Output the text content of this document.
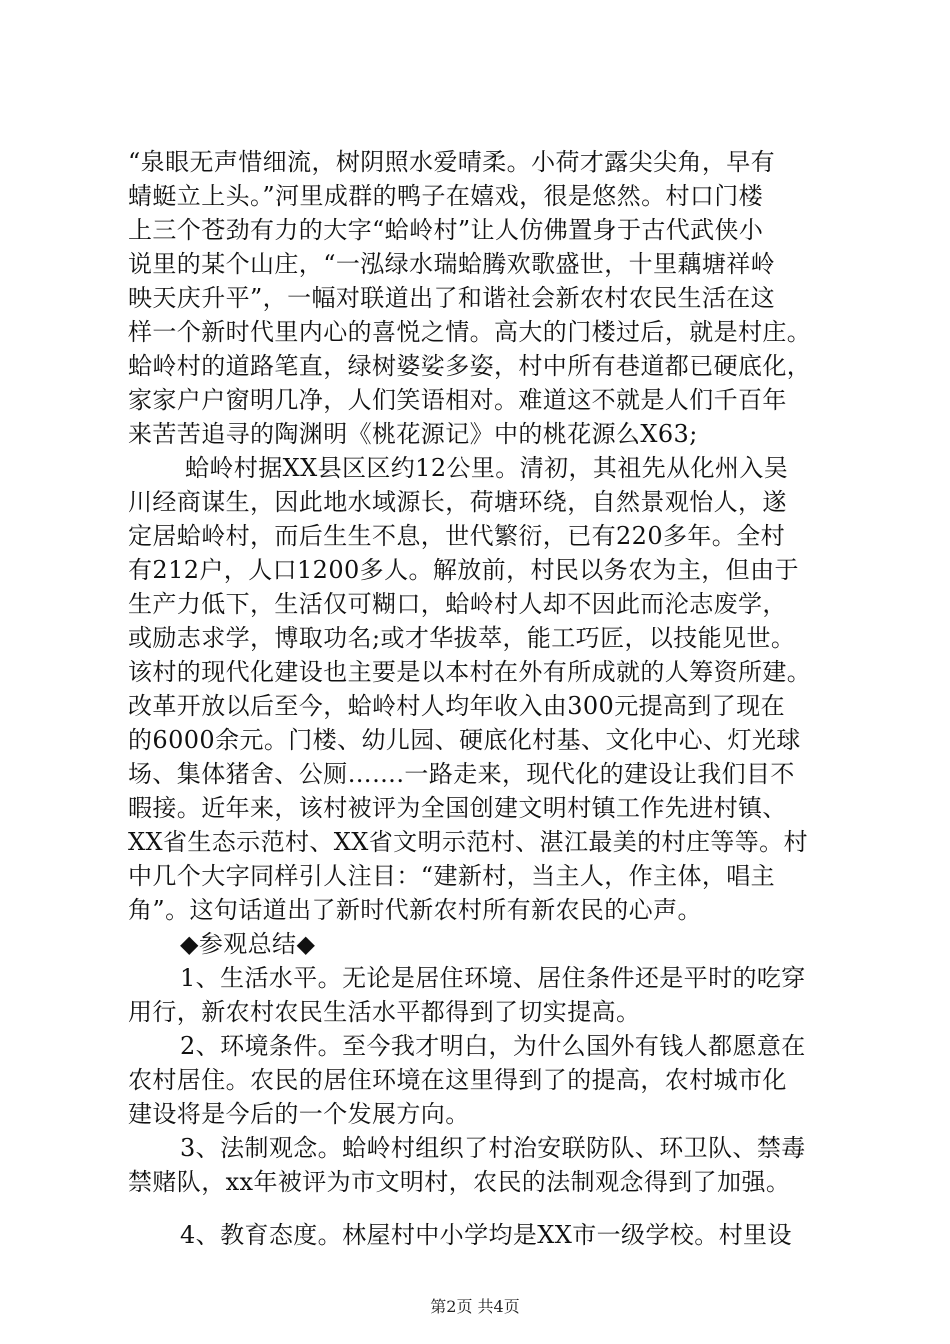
“泉眼无声惜细流，树阴照水爱晴柔。小荷才露尖尖角，早有
蜻蜓立上头。”河里成群的鸭子在嬉戏，很是悠然。村口门楼
上三个苍劲有力的大字“蛤岭村”让人仿佛置身于古代武侠小
说里的某个山庄，“一泓绿水瑞蛤腾欢歌盛世，十里藕塘祥岭
映天庆升平”，一幅对联道出了和谐社会新农村农民生活在这
样一个新时代里内心的喜悦之情。高大的门楼过后，就是村庄。
蛤岭村的道路笔直，绿树婆娑多姿，村中所有巷道都已硬底化，
家家户户窗明几净，人们笑语相对。难道这不就是人们千百年
来苦苦追寻的陶渊明《桃花源记》中的桃花源么X63;
蛤岭村据XX县区区约12公里。清初，其祖先从化州入吴
川经商谋生，因此地水域源长，荷塘环绕，自然景观怡人，遂
定居蛤岭村，而后生生不息，世代繁衍，已有220多年。全村
有212户，人口1200多人。解放前，村民以务农为主，但由于
生产力低下，生活仅可糊口，蛤岭村人却不因此而沦志废学，
或励志求学，博取功名;或才华拔萃，能工巧匠，以技能见世。
该村的现代化建设也主要是以本村在外有所成就的人筹资所建。
改革开放以后至今，蛤岭村人均年收入由300元提高到了现在
的6000余元。门楼、幼儿园、硬底化村基、文化中心、灯光球
场、集体猪舍、公厕…….一路走来，现代化的建设让我们目不
暇接。近年来，该村被评为全国创建文明村镇工作先进村镇、
XX省生态示范村、XX省文明示范村、湛江最美的村庄等等。村
中几个大字同样引人注目：“建新村，当主人，作主体，唱主
角”。这句话道出了新时代新农村所有新农民的心声。
◆参观总结◆
1、生活水平。无论是居住环境、居住条件还是平时的吃穿
用行，新农村农民生活水平都得到了切实提高。
2、环境条件。至今我才明白，为什么国外有钱人都愿意在
农村居住。农民的居住环境在这里得到了的提高，农村城市化
建设将是今后的一个发展方向。
3、法制观念。蛤岭村组织了村治安联防队、环卫队、禁毒
禁赌队，xx年被评为市文明村，农民的法制观念得到了加强。
4、教育态度。林屋村中小学均是XX市一级学校。村里设
第2页 共4页
